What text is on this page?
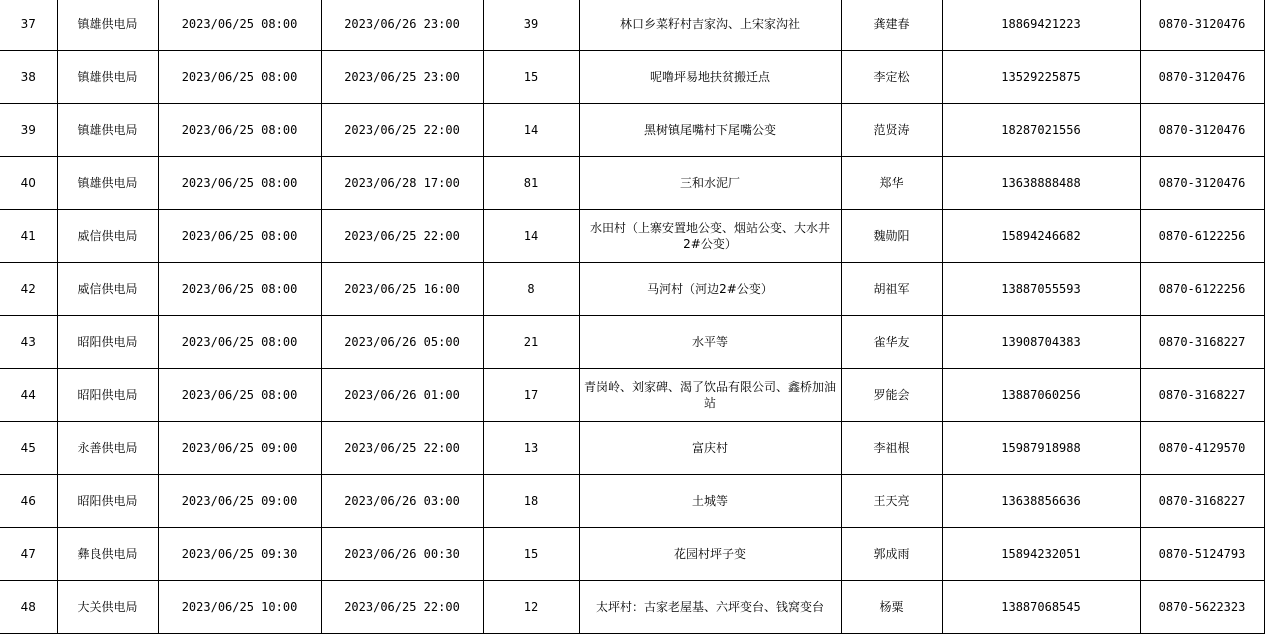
37	镇雄供电局	2023/06/25 08:00	2023/06/26 23:00	39	林口乡菜籽村吉家沟、上宋家沟社	龚建春	18869421223	0870-3120476
38	镇雄供电局	2023/06/25 08:00	2023/06/25 23:00	15	呢噜坪易地扶贫搬迁点	李定松	13529225875	0870-3120476
39	镇雄供电局	2023/06/25 08:00	2023/06/25 22:00	14	黑树镇尾嘴村下尾嘴公变	范贤涛	18287021556	0870-3120476
40	镇雄供电局	2023/06/25 08:00	2023/06/28 17:00	81	三和水泥厂	郑华	13638888488	0870-3120476
41	威信供电局	2023/06/25 08:00	2023/06/25 22:00	14	水田村（上寨安置地公变、烟站公变、大水井2#公变）	魏勋阳	15894246682	0870-6122256
42	威信供电局	2023/06/25 08:00	2023/06/25 16:00	8	马河村（河边2#公变）	胡祖军	13887055593	0870-6122256
43	昭阳供电局	2023/06/25 08:00	2023/06/26 05:00	21	水平等	雀华友	13908704383	0870-3168227
44	昭阳供电局	2023/06/25 08:00	2023/06/26 01:00	17	青岗岭、刘家碑、渴了饮品有限公司、鑫桥加油站	罗能会	13887060256	0870-3168227
45	永善供电局	2023/06/25 09:00	2023/06/25 22:00	13	富庆村	李祖根	15987918988	0870-4129570
46	昭阳供电局	2023/06/25 09:00	2023/06/26 03:00	18	土城等	王天亮	13638856636	0870-3168227
47	彝良供电局	2023/06/25 09:30	2023/06/26 00:30	15	花园村坪子变	郭成雨	15894232051	0870-5124793
48	大关供电局	2023/06/25 10:00	2023/06/25 22:00	12	太坪村：古家老屋基、六坪变台、钱窝变台	杨粟	13887068545	0870-5622323
